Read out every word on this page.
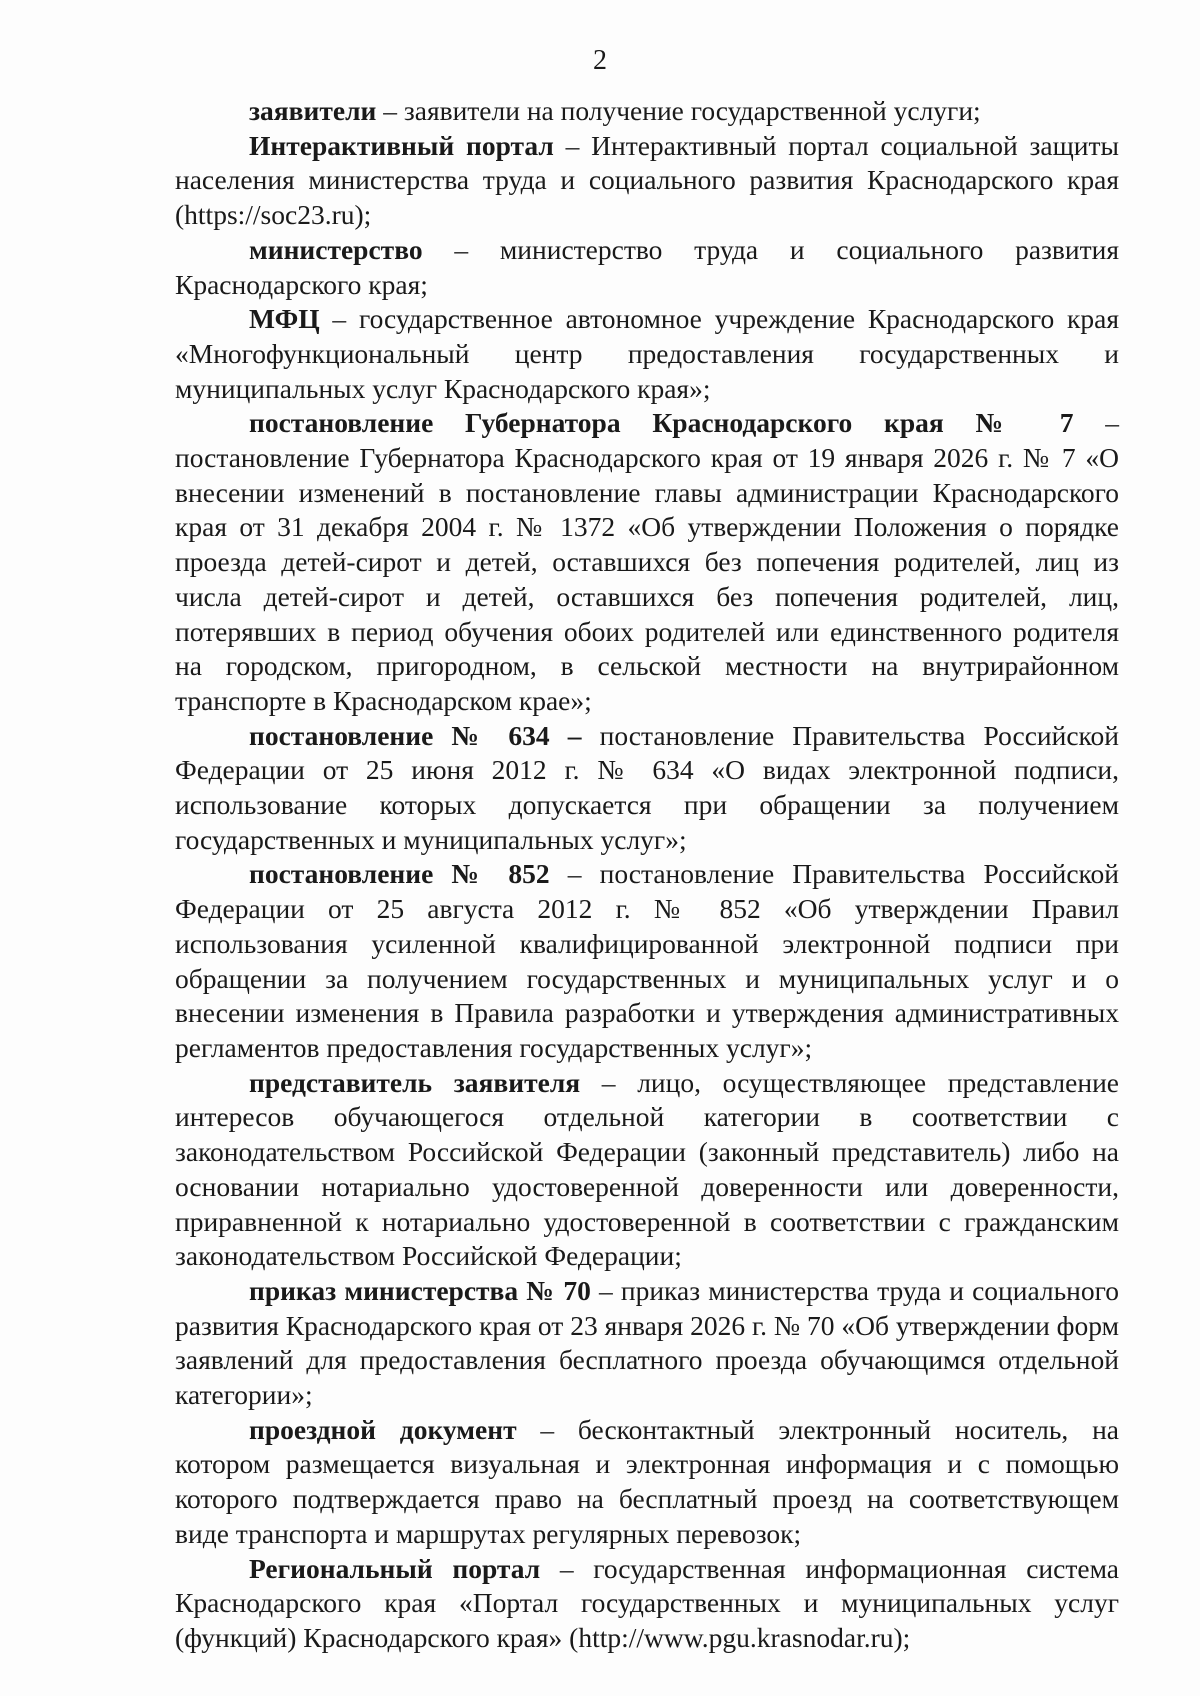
2

заявители – заявители на получение государственной услуги;

Интерактивный портал – Интерактивный портал социальной защиты населения министерства труда и социального развития Краснодарского края (https://soc23.ru);

министерство – министерство труда и социального развития Краснодарского края;

МФЦ – государственное автономное учреждение Краснодарского края «Многофункциональный центр предоставления государственных и муниципальных услуг Краснодарского края»;

постановление Губернатора Краснодарского края № 7 – постановление Губернатора Краснодарского края от 19 января 2026 г. № 7 «О внесении изменений в постановление главы администрации Краснодарского края от 31 декабря 2004 г. № 1372 «Об утверждении Положения о порядке проезда детей-сирот и детей, оставшихся без попечения родителей, лиц из числа детей-сирот и детей, оставшихся без попечения родителей, лиц, потерявших в период обучения обоих родителей или единственного родителя на городском, пригородном, в сельской местности на внутрирайонном транспорте в Краснодарском крае»;

постановление № 634 – постановление Правительства Российской Федерации от 25 июня 2012 г. № 634 «О видах электронной подписи, использование которых допускается при обращении за получением государственных и муниципальных услуг»;

постановление № 852 – постановление Правительства Российской Федерации от 25 августа 2012 г. № 852 «Об утверждении Правил использования усиленной квалифицированной электронной подписи при обращении за получением государственных и муниципальных услуг и о внесении изменения в Правила разработки и утверждения административных регламентов предоставления государственных услуг»;

представитель заявителя – лицо, осуществляющее представление интересов обучающегося отдельной категории в соответствии с законодательством Российской Федерации (законный представитель) либо на основании нотариально удостоверенной доверенности или доверенности, приравненной к нотариально удостоверенной в соответствии с гражданским законодательством Российской Федерации;

приказ министерства № 70 – приказ министерства труда и социального развития Краснодарского края от 23 января 2026 г. № 70 «Об утверждении форм заявлений для предоставления бесплатного проезда обучающимся отдельной категории»;

проездной документ – бесконтактный электронный носитель, на котором размещается визуальная и электронная информация и с помощью которого подтверждается право на бесплатный проезд на соответствующем виде транспорта и маршрутах регулярных перевозок;

Региональный портал – государственная информационная система Краснодарского края «Портал государственных и муниципальных услуг (функций) Краснодарского края» (http://www.pgu.krasnodar.ru);
